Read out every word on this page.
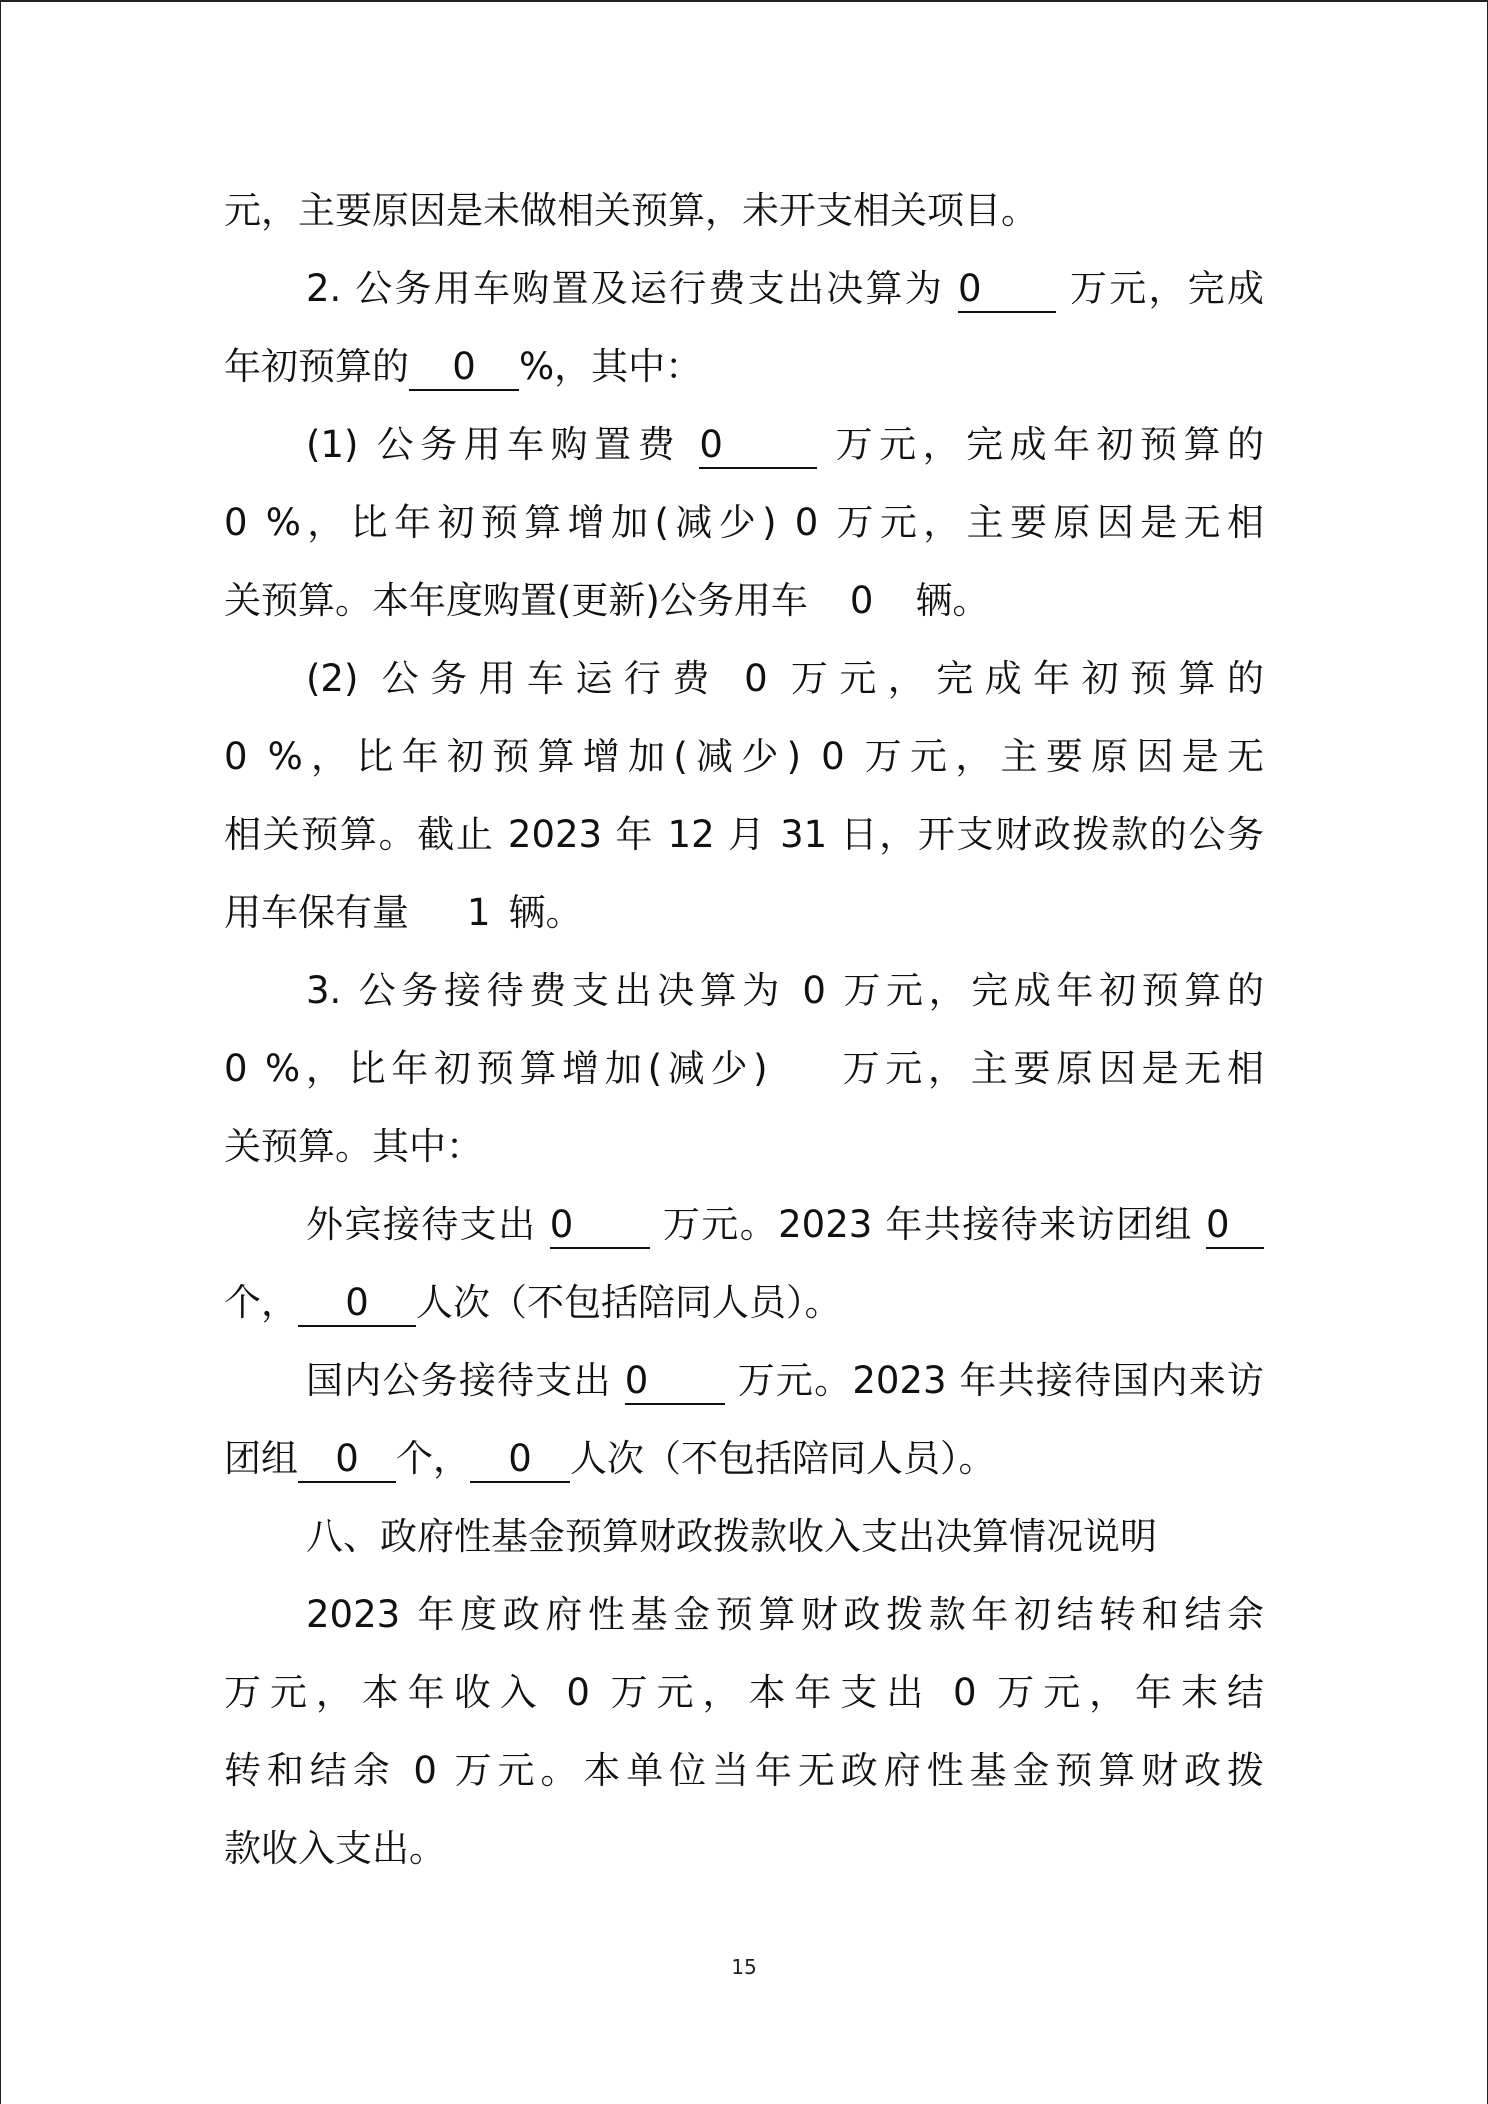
元，主要原因是未做相关预算，未开支相关项目。
2. 公务用车购置及运行费支出决算为 0 万元，完成
年初预算的 0 %，其中：
(1) 公务用车购置费 0	万元，完成年初预算的
0 %，比年初预算增加(减少) 0 万元，主要原因是无相
关预算。本年度购置(更新)公务用车 0 辆。
(2) 公务用车运行费 0 万元，完成年初预算的
0 %，比年初预算增加(减少) 0 万元，主要原因是无
相关预算。截止 2023 年 12 月 31 日，开支财政拨款的公务
用车保有量 1 辆。
3. 公务接待费支出决算为 0 万元，完成年初预算的
0 %，比年初预算增加(减少) 万元，主要原因是无相
关预算。其中：
外宾接待支出 0 万元。2023 年共接待来访团组 0
个， 0 人次（不包括陪同人员）。
国内公务接待支出 0 万元。2023 年共接待国内来访
团组 0 个， 0 人次（不包括陪同人员）。
八、政府性基金预算财政拨款收入支出决算情况说明
2023 年度政府性基金预算财政拨款年初结转和结余
万元，本年收入 0 万元，本年支出 0 万元，年末结
转和结余 0 万元。本单位当年无政府性基金预算财政拨
款收入支出。
15
